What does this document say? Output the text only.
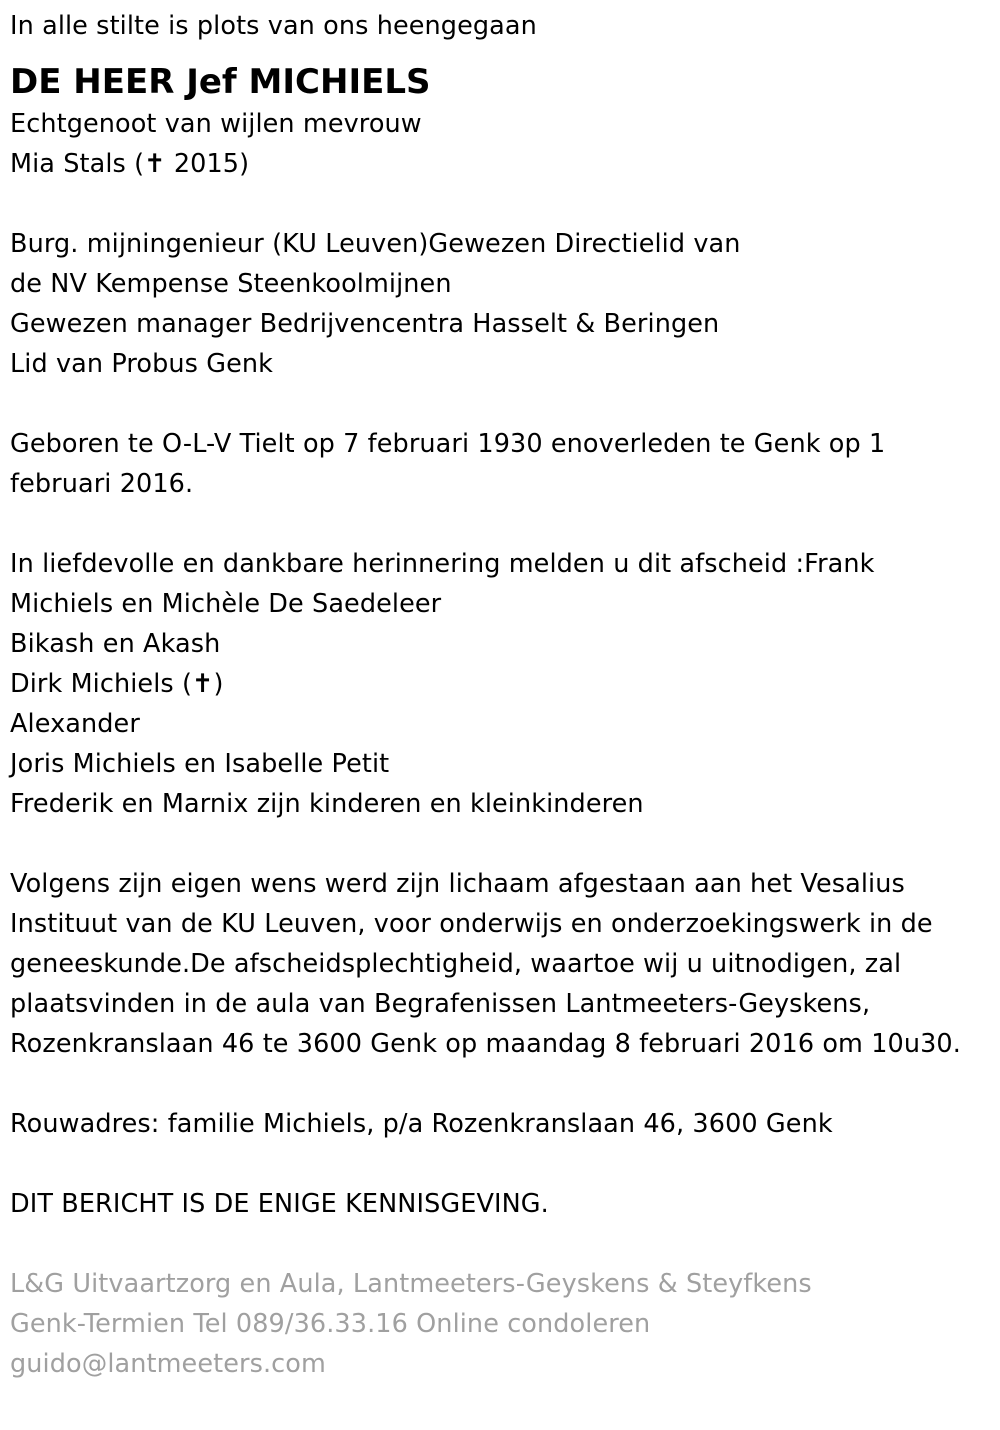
In alle stilte is plots van ons heengegaan
DE HEER Jef MICHIELS
Echtgenoot van wijlen mevrouw
Mia Stals (✝ 2015)
Burg. mijningenieur (KU Leuven)Gewezen Directielid van
de NV Kempense Steenkoolmijnen
Gewezen manager Bedrijvencentra Hasselt & Beringen
Lid van Probus Genk
Geboren te O-L-V Tielt op 7 februari 1930 enoverleden te Genk op 1
februari 2016.
In liefdevolle en dankbare herinnering melden u dit afscheid :Frank
Michiels en Michèle De Saedeleer
Bikash en Akash
Dirk Michiels (✝)
Alexander
Joris Michiels en Isabelle Petit
Frederik en Marnix zijn kinderen en kleinkinderen
Volgens zijn eigen wens werd zijn lichaam afgestaan aan het Vesalius
Instituut van de KU Leuven, voor onderwijs en onderzoekingswerk in de
geneeskunde.De afscheidsplechtigheid, waartoe wij u uitnodigen, zal
plaatsvinden in de aula van Begrafenissen Lantmeeters-Geyskens,
Rozenkranslaan 46 te 3600 Genk op maandag 8 februari 2016 om 10u30.
Rouwadres: familie Michiels, p/a Rozenkranslaan 46, 3600 Genk
DIT BERICHT IS DE ENIGE KENNISGEVING.
L&G Uitvaartzorg en Aula, Lantmeeters-Geyskens & Steyfkens
Genk-Termien Tel 089/36.33.16 Online condoleren
guido@lantmeeters.com
